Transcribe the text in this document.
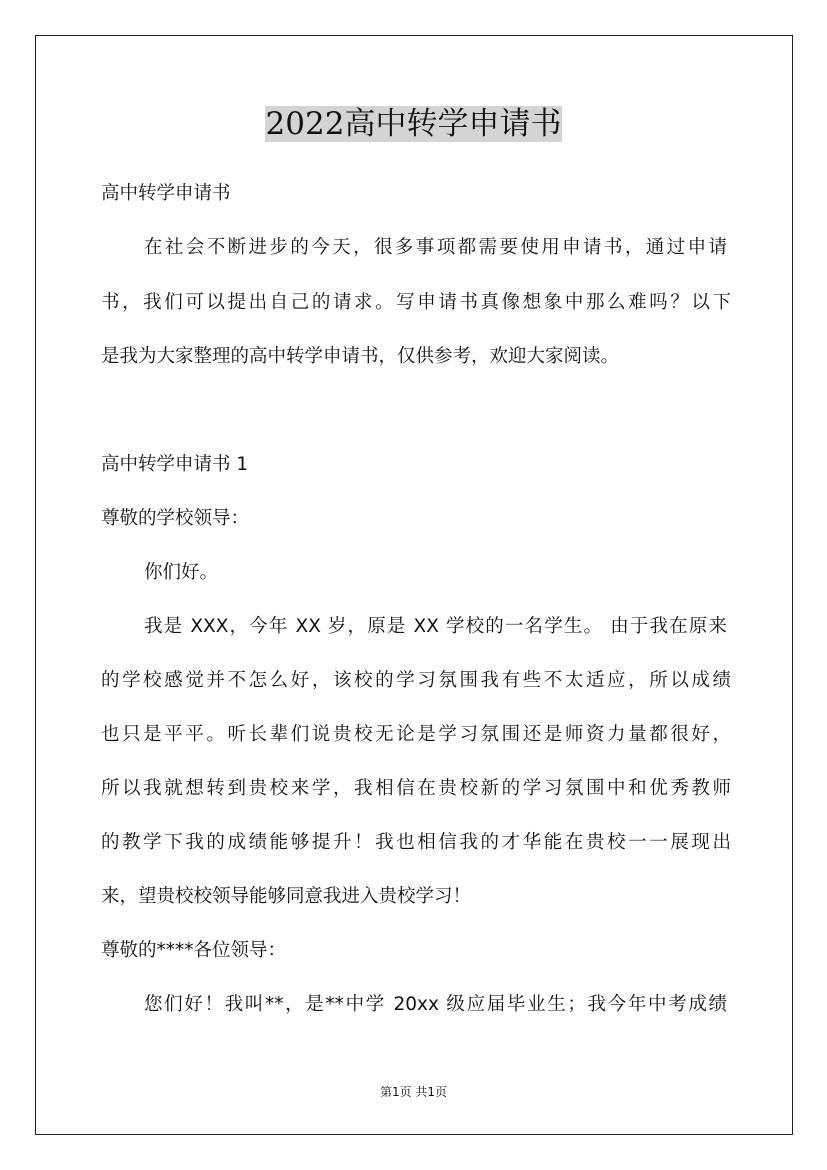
2022高中转学申请书
高中转学申请书
在社会不断进步的今天，很多事项都需要使用申请书，通过申请
书，我们可以提出自己的请求。写申请书真像想象中那么难吗？以下
是我为大家整理的高中转学申请书，仅供参考，欢迎大家阅读。
高中转学申请书 1
尊敬的学校领导：
你们好。
我是 XXX，今年 XX 岁，原是 XX 学校的一名学生。 由于我在原来
的学校感觉并不怎么好，该校的学习氛围我有些不太适应，所以成绩
也只是平平。听长辈们说贵校无论是学习氛围还是师资力量都很好，
所以我就想转到贵校来学，我相信在贵校新的学习氛围中和优秀教师
的教学下我的成绩能够提升！我也相信我的才华能在贵校一一展现出
来，望贵校校领导能够同意我进入贵校学习！
尊敬的****各位领导：
您们好！我叫**，是**中学 20xx 级应届毕业生；我今年中考成绩
第1页 共1页
